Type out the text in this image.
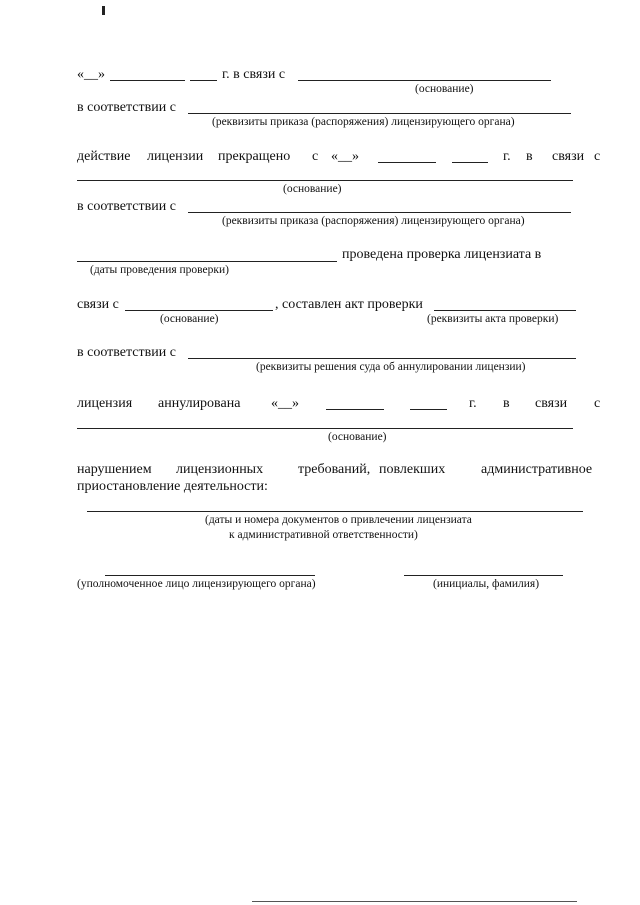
«__»	г. в связи с
(основание)
в соответствии с
(реквизиты приказа (распоряжения) лицензирующего органа)
действие лицензии прекращено с «__»	г. в связи с
(основание)
в соответствии с
(реквизиты приказа (распоряжения) лицензирующего органа)
проведена проверка лицензиата в
(даты проведения проверки)
связи с	, составлен акт проверки
(основание)	(реквизиты акта проверки)
в соответствии с
(реквизиты решения суда об аннулировании лицензии)
лицензия аннулирована «__»	г. в связи с
(основание)
нарушением лицензионных требований, повлекших	административное
приостановление деятельности:
(даты и номера документов о привлечении лицензиата
к административной ответственности)
(уполномоченное лицо лицензирующего органа)	(инициалы, фамилия)
